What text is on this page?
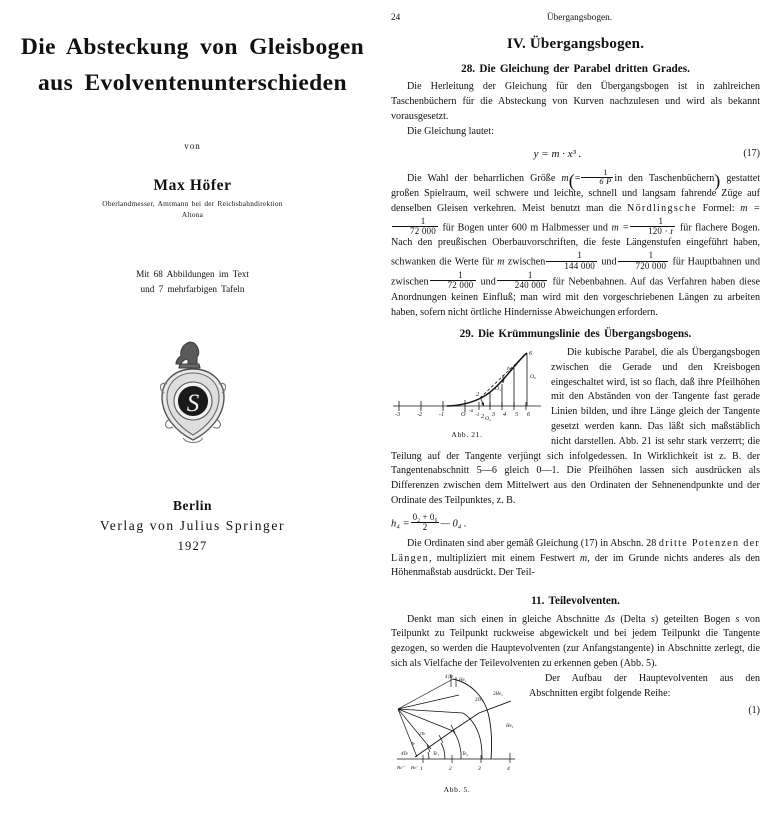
Die Absteckung von Gleisbogen
aus Evolventenunterschieden
von
Max Höfer
Oberlandmesser, Amtmann bei der Reichsbahndirektion
Altona
Mit 68 Abbildungen im Text
und 7 mehrfarbigen Tafeln
S
Berlin
Verlag von Julius Springer
1927
24	Übergangsbogen.
IV. Übergangsbogen.
28. Die Gleichung der Parabel dritten Grades.

Die Herleitung der Gleichung für den Übergangsbogen ist in zahlreichen Taschenbüchern für die Absteckung von Kurven nachzulesen und wird als bekannt vorausgesetzt.

Die Gleichung lautet:

y = m · x³ .	(17)

Die Wahl der beharrlichen Größe $m(= \frac{1}{6 P}$ in den Taschenbüchern) gestattet großen Spielraum, weil schwere und leichte, schnell und langsam fahrende Züge auf denselben Gleisen verkehren. Meist benutzt man die Nördlingsche Formel: m =
$\frac{1}{72 000}$ für Bogen unter 600 m Halbmesser und $m = \frac{1}{120 \cdot r}$ für flachere Bogen. Nach den preußischen Oberbauvorschriften, die feste Längenstufen eingeführt haben, schwanken die Werte für m zwischen $\frac{1}{144 000}$ und $\frac{1}{720 000}$ für Hauptbahnen und zwischen $\frac{1}{72 000}$ und $\frac{1}{240 000}$ für Nebenbahnen. Auf das Verfahren haben diese Anordnungen keinen Einfluß; man wird mit den vorgeschriebenen Längen zu arbeiten haben, sofern nicht örtliche Hindernisse Abweichungen erfordern.

29. Die Krümmungslinie des Übergangsbogens.
-3	-2	-1	O -a
-1 2 3 4 5 6
2
6
h₄
O₄
O₆
O₂
Abb. 21.

Die kubische Parabel, die als Übergangsbogen zwischen die Gerade und den Kreisbogen eingeschaltet wird, ist so flach, daß ihre Pfeilhöhen mit den Abständen von der Tangente fast gerade Linien bilden, und ihre Länge gleich der Tangente gesetzt werden kann. Das läßt sich maßstäblich nicht darstellen. Abb. 21 ist sehr stark verzerrt; die Teilung auf der Tangente verjüngt sich infolgedessen. In Wirklichkeit ist z. B. der Tangentenabschnitt 5—6 gleich 0—1. Die Pfeilhöhen lassen sich ausdrücken als Differenzen zwischen dem Mittelwert aus den Ordinaten der Sehnenendpunkte und der Ordinate des Teilpunktes, z. B.

$h_4 = \frac{\text{0₂ + 0₆}}{2}$ — 0₄ .

Die Ordinaten sind aber gemäß Gleichung (17) in Abschn. 28 dritte Potenzen der Längen, multipliziert mit einem Festwert m, der im Grunde nichts anderes als den Höhenmaßstab ausdrückt. Der Teil-

11. Teilevolventen.

Denkt man sich einen in gleiche Abschnitte Δs (Delta s) geteilten Bogen s von Teilpunkt zu Teilpunkt ruckweise abgewickelt und bei jedem Teilpunkt die Tangente gezogen, so werden die Hauptevolventen (zur Anfangstangente) in Abschnitte zerlegt, die sich als Vielfache der Teilevolventen zu erkennen geben (Abb. 5).

1	2	3	4
He'' He'
4Te	Te₁	Te₂
4|Te
He₁
3Te₂
2He₂
He₃
2Te
Te
Abb. 5.

Der Aufbau der Hauptevolventen aus den Abschnitten ergibt folgende Reihe:

(1)
